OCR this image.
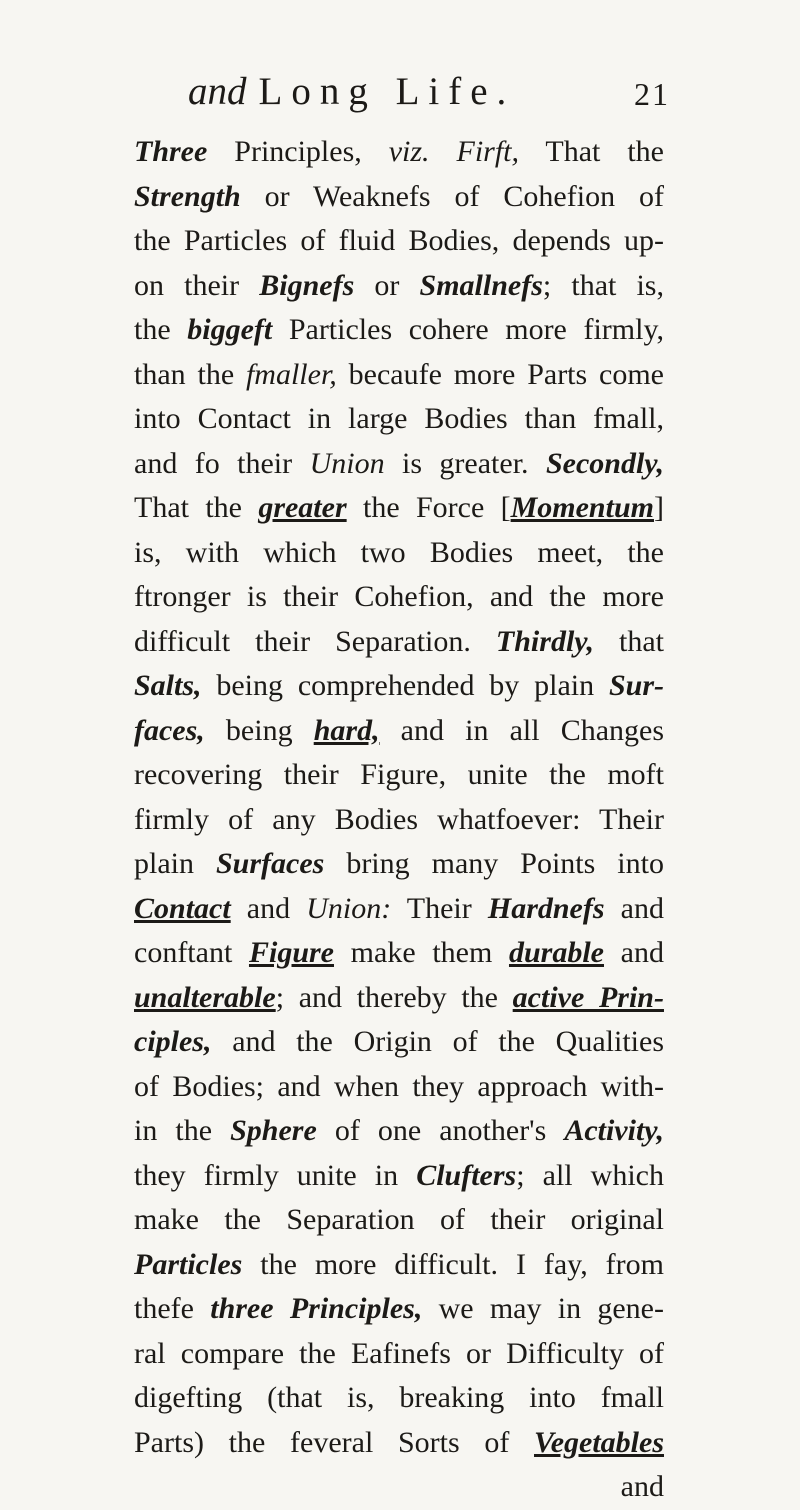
and Long Life.	21
Three Principles, viz. Firft, That the
Strength or Weaknefs of Cohefion of
the Particles of fluid Bodies, depends up-
on their Bignefs or Smallnefs; that is,
the biggeft Particles cohere more firmly,
than the fmaller, becaufe more Parts come
into Contact in large Bodies than fmall,
and fo their Union is greater. Secondly,
That the greater the Force [Momentum]
is, with which two Bodies meet, the
ftronger is their Cohefion, and the more
difficult their Separation. Thirdly, that
Salts, being comprehended by plain Sur-
faces, being hard, and in all Changes
recovering their Figure, unite the moft
firmly of any Bodies whatfoever: Their
plain Surfaces bring many Points into
Contact and Union: Their Hardnefs and
conftant Figure make them durable and
unalterable; and thereby the active Prin-
ciples, and the Origin of the Qualities
of Bodies; and when they approach with-
in the Sphere of one another's Activity,
they firmly unite in Clufters; all which
make the Separation of their original
Particles the more difficult. I fay, from
thefe three Principles, we may in gene-
ral compare the Eafinefs or Difficulty of
digefting (that is, breaking into fmall
Parts) the feveral Sorts of Vegetables
and
